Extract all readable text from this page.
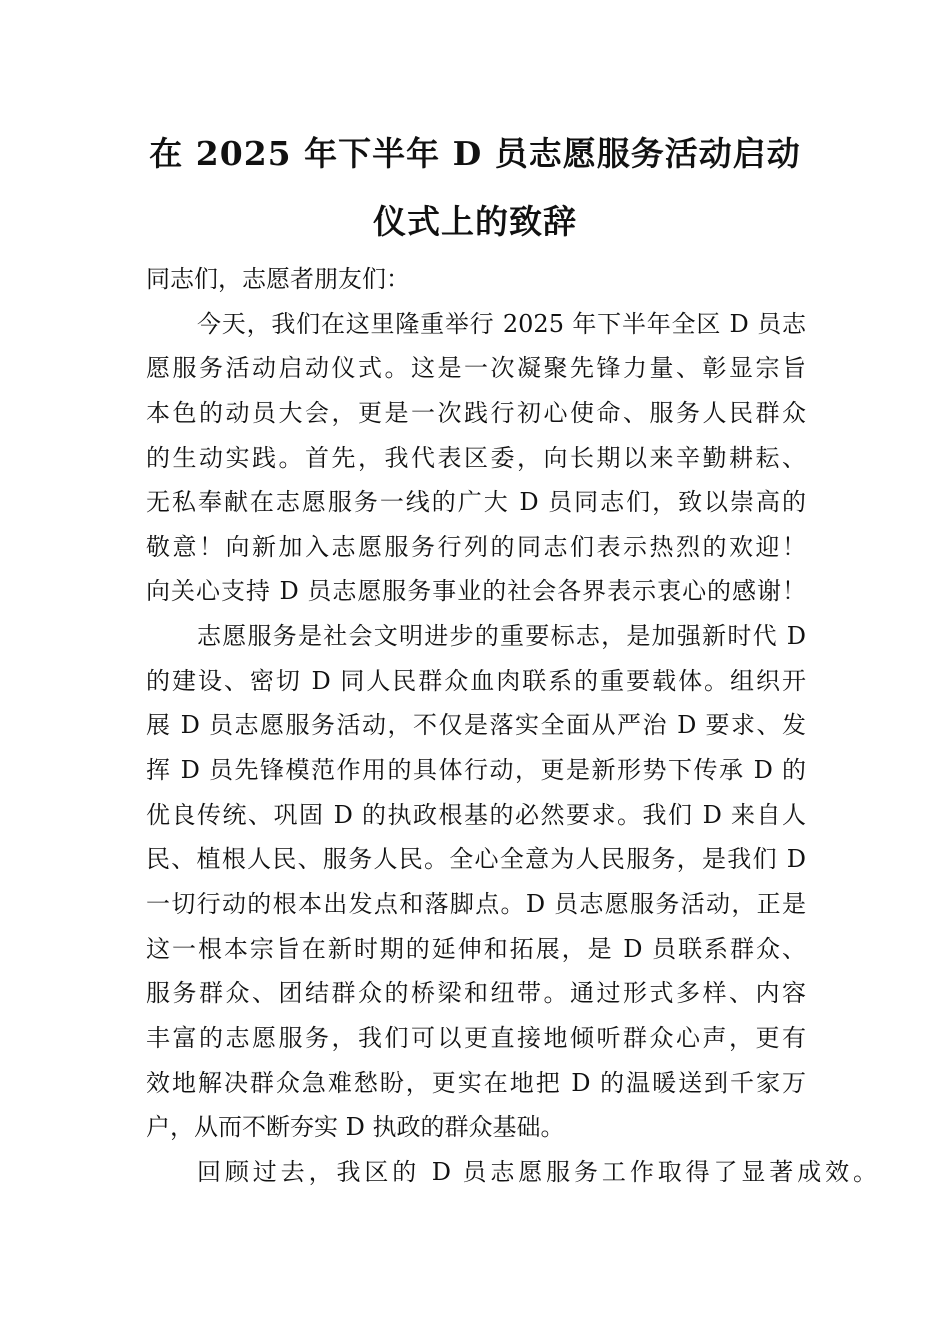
在 2025 年下半年 D 员志愿服务活动启动
仪式上的致辞
同志们，志愿者朋友们：
今天，我们在这里隆重举行 2025 年下半年全区 D 员志
愿服务活动启动仪式。这是一次凝聚先锋力量、彰显宗旨
本色的动员大会，更是一次践行初心使命、服务人民群众
的生动实践。首先，我代表区委，向长期以来辛勤耕耘、
无私奉献在志愿服务一线的广大 D 员同志们，致以崇高的
敬意！向新加入志愿服务行列的同志们表示热烈的欢迎！
向关心支持 D 员志愿服务事业的社会各界表示衷心的感谢！
志愿服务是社会文明进步的重要标志，是加强新时代 D
的建设、密切 D 同人民群众血肉联系的重要载体。组织开
展 D 员志愿服务活动，不仅是落实全面从严治 D 要求、发
挥 D 员先锋模范作用的具体行动，更是新形势下传承 D 的
优良传统、巩固 D 的执政根基的必然要求。我们 D 来自人
民、植根人民、服务人民。全心全意为人民服务，是我们 D
一切行动的根本出发点和落脚点。D 员志愿服务活动，正是
这一根本宗旨在新时期的延伸和拓展，是 D 员联系群众、
服务群众、团结群众的桥梁和纽带。通过形式多样、内容
丰富的志愿服务，我们可以更直接地倾听群众心声，更有
效地解决群众急难愁盼，更实在地把 D 的温暖送到千家万
户，从而不断夯实 D 执政的群众基础。
回顾过去，我区的 D 员志愿服务工作取得了显著成效。
